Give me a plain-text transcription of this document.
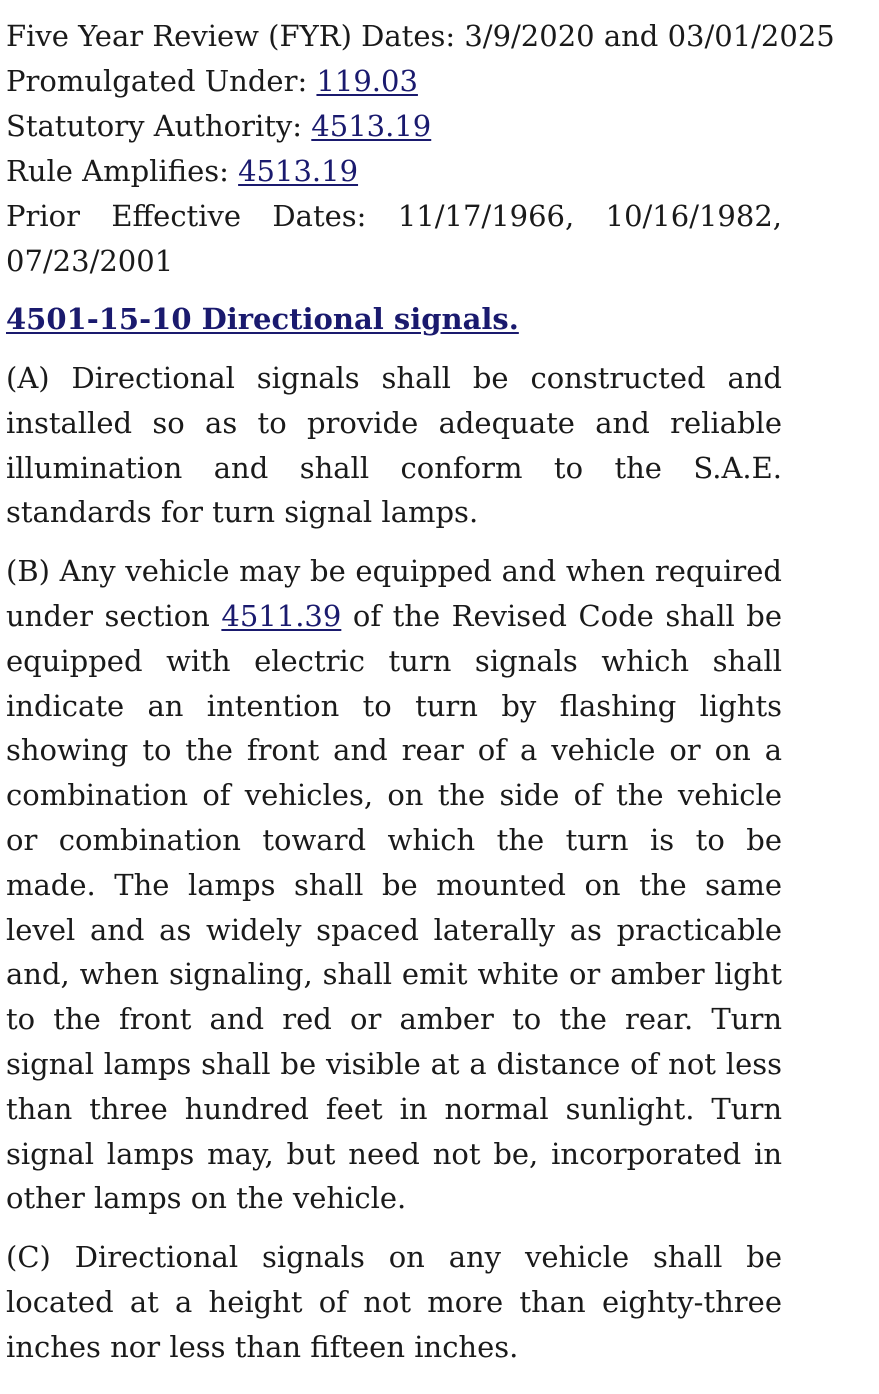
Five Year Review (FYR) Dates: 3/9/2020 and 03/01/2025

Promulgated Under: 119.03

Statutory Authority: 4513.19

Rule Amplifies: 4513.19

Prior Effective Dates: 11/17/1966, 10/16/1982, 07/23/2001

4501-15-10 Directional signals.

(A) Directional signals shall be constructed and installed so as to provide adequate and reliable illumination and shall conform to the S.A.E. standards for turn signal lamps.

(B) Any vehicle may be equipped and when required under section 4511.39 of the Revised Code shall be equipped with electric turn signals which shall indicate an intention to turn by flashing lights showing to the front and rear of a vehicle or on a combination of vehicles, on the side of the vehicle or combination toward which the turn is to be made. The lamps shall be mounted on the same level and as widely spaced laterally as practicable and, when signaling, shall emit white or amber light to the front and red or amber to the rear. Turn signal lamps shall be visible at a distance of not less than three hundred feet in normal sunlight. Turn signal lamps may, but need not be, incorporated in other lamps on the vehicle.

(C) Directional signals on any vehicle shall be located at a height of not more than eighty-three inches nor less than fifteen inches.
